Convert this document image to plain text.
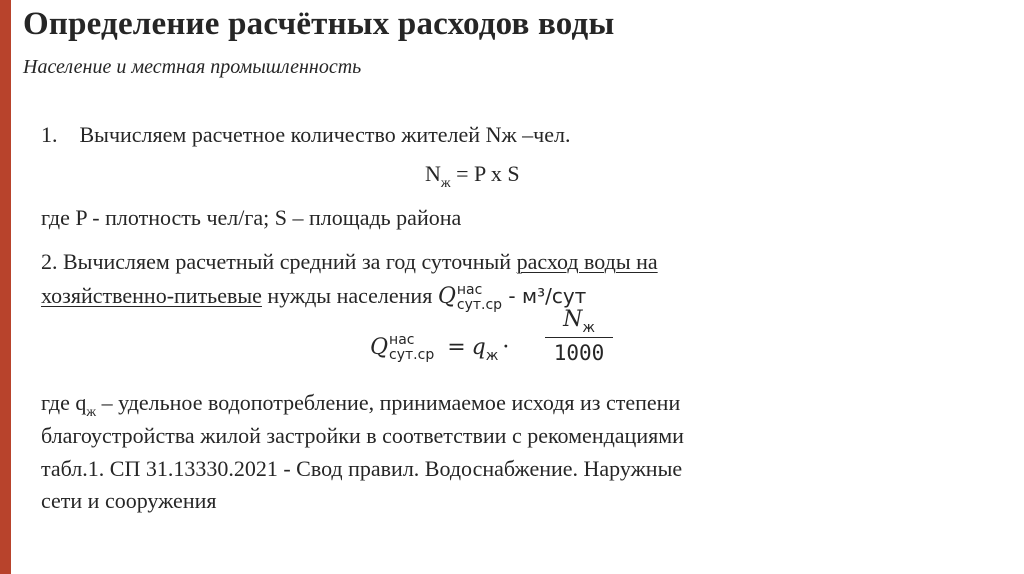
Определение расчётных расходов воды
Население и местная промышленность
1. Вычисляем расчетное количество жителей Nж –чел.
$N_ж = P$ x S
где P - плотность чел/га; S – площадь района
2. Вычисляем расчетный средний за год суточный расход воды на
хозяйственно-питьевые нужды населения Q нас
сут.ср - м³/сут
Q нас
$сут.ср = q_ж$ ·
$N_ж$
1000
где $q_ж$ – удельное водопотребление, принимаемое исходя из степени
благоустройства жилой застройки в соответствии с рекомендациями
табл.1. СП 31.13330.2021 - Свод правил. Водоснабжение. Наружные
сети и сооружения
